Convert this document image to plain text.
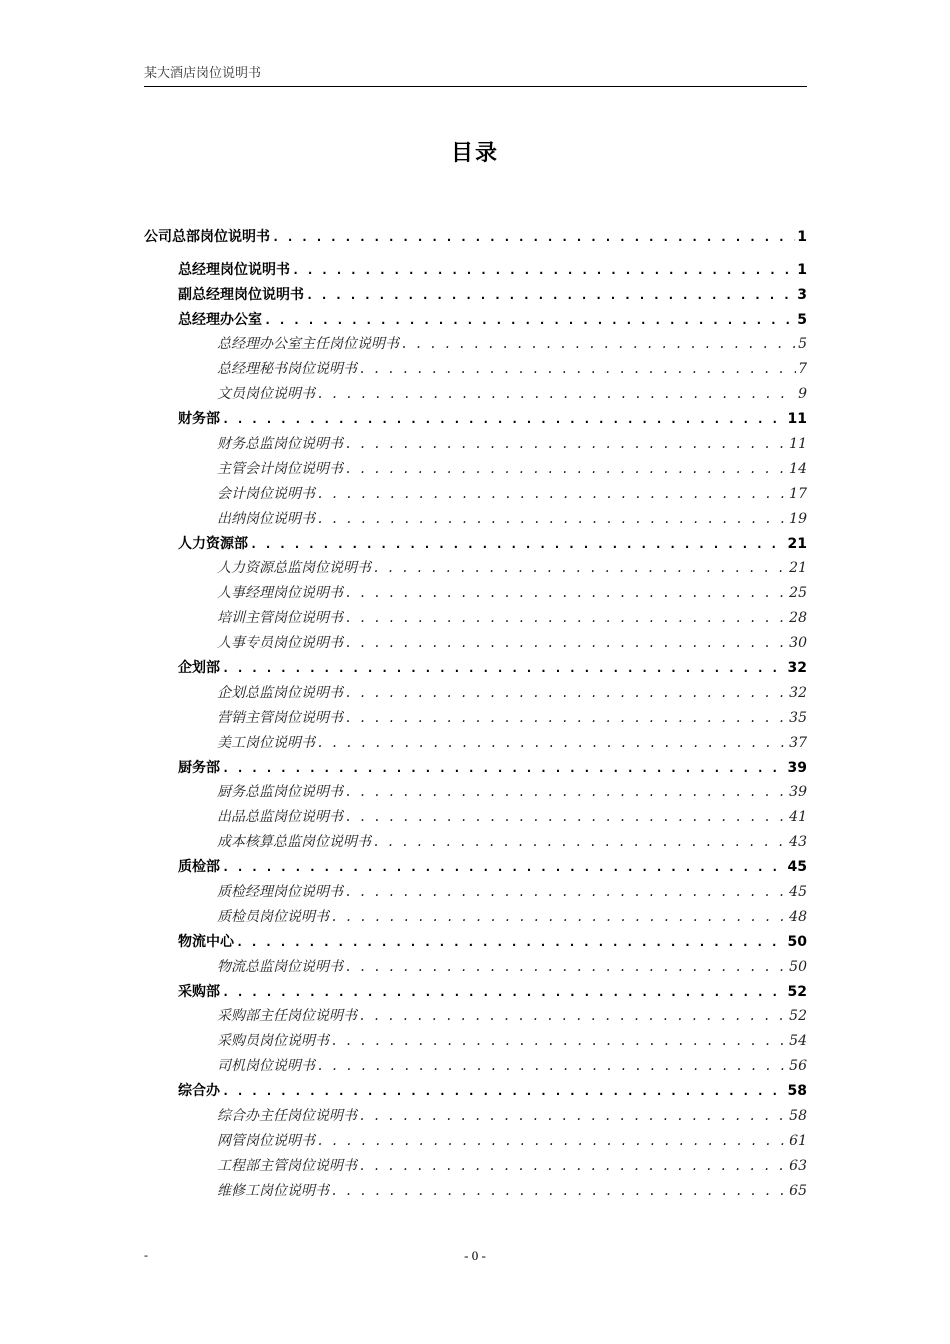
某大酒店岗位说明书
目录
公司总部岗位说明书 . . .	1
总经理岗位说明书 . . .	1
副总经理岗位说明书 . . .	3
总经理办公室 . . .	5
总经理办公室主任岗位说明书 . . .	5
总经理秘书岗位说明书 . . .	7
文员岗位说明书 . . .	9
财务部 . . .	11
财务总监岗位说明书 . . .	11
主管会计岗位说明书 . . .	14
会计岗位说明书 . . .	17
出纳岗位说明书 . . .	19
人力资源部 . . .	21
人力资源总监岗位说明书 . . .	21
人事经理岗位说明书 . . .	25
培训主管岗位说明书 . . .	28
人事专员岗位说明书 . . .	30
企划部 . . .	32
企划总监岗位说明书 . . .	32
营销主管岗位说明书 . . .	35
美工岗位说明书 . . .	37
厨务部 . . .	39
厨务总监岗位说明书 . . .	39
出品总监岗位说明书 . . .	41
成本核算总监岗位说明书 . . .	43
质检部 . . .	45
质检经理岗位说明书 . . .	45
质检员岗位说明书 . . .	48
物流中心 . . .	50
物流总监岗位说明书 . . .	50
采购部 . . .	52
采购部主任岗位说明书 . . .	52
采购员岗位说明书 . . .	54
司机岗位说明书 . . .	56
综合办 . . .	58
综合办主任岗位说明书 . . .	58
网管岗位说明书 . . .	61
工程部主管岗位说明书 . . .	63
维修工岗位说明书 . . .	65
-	- 0 -
